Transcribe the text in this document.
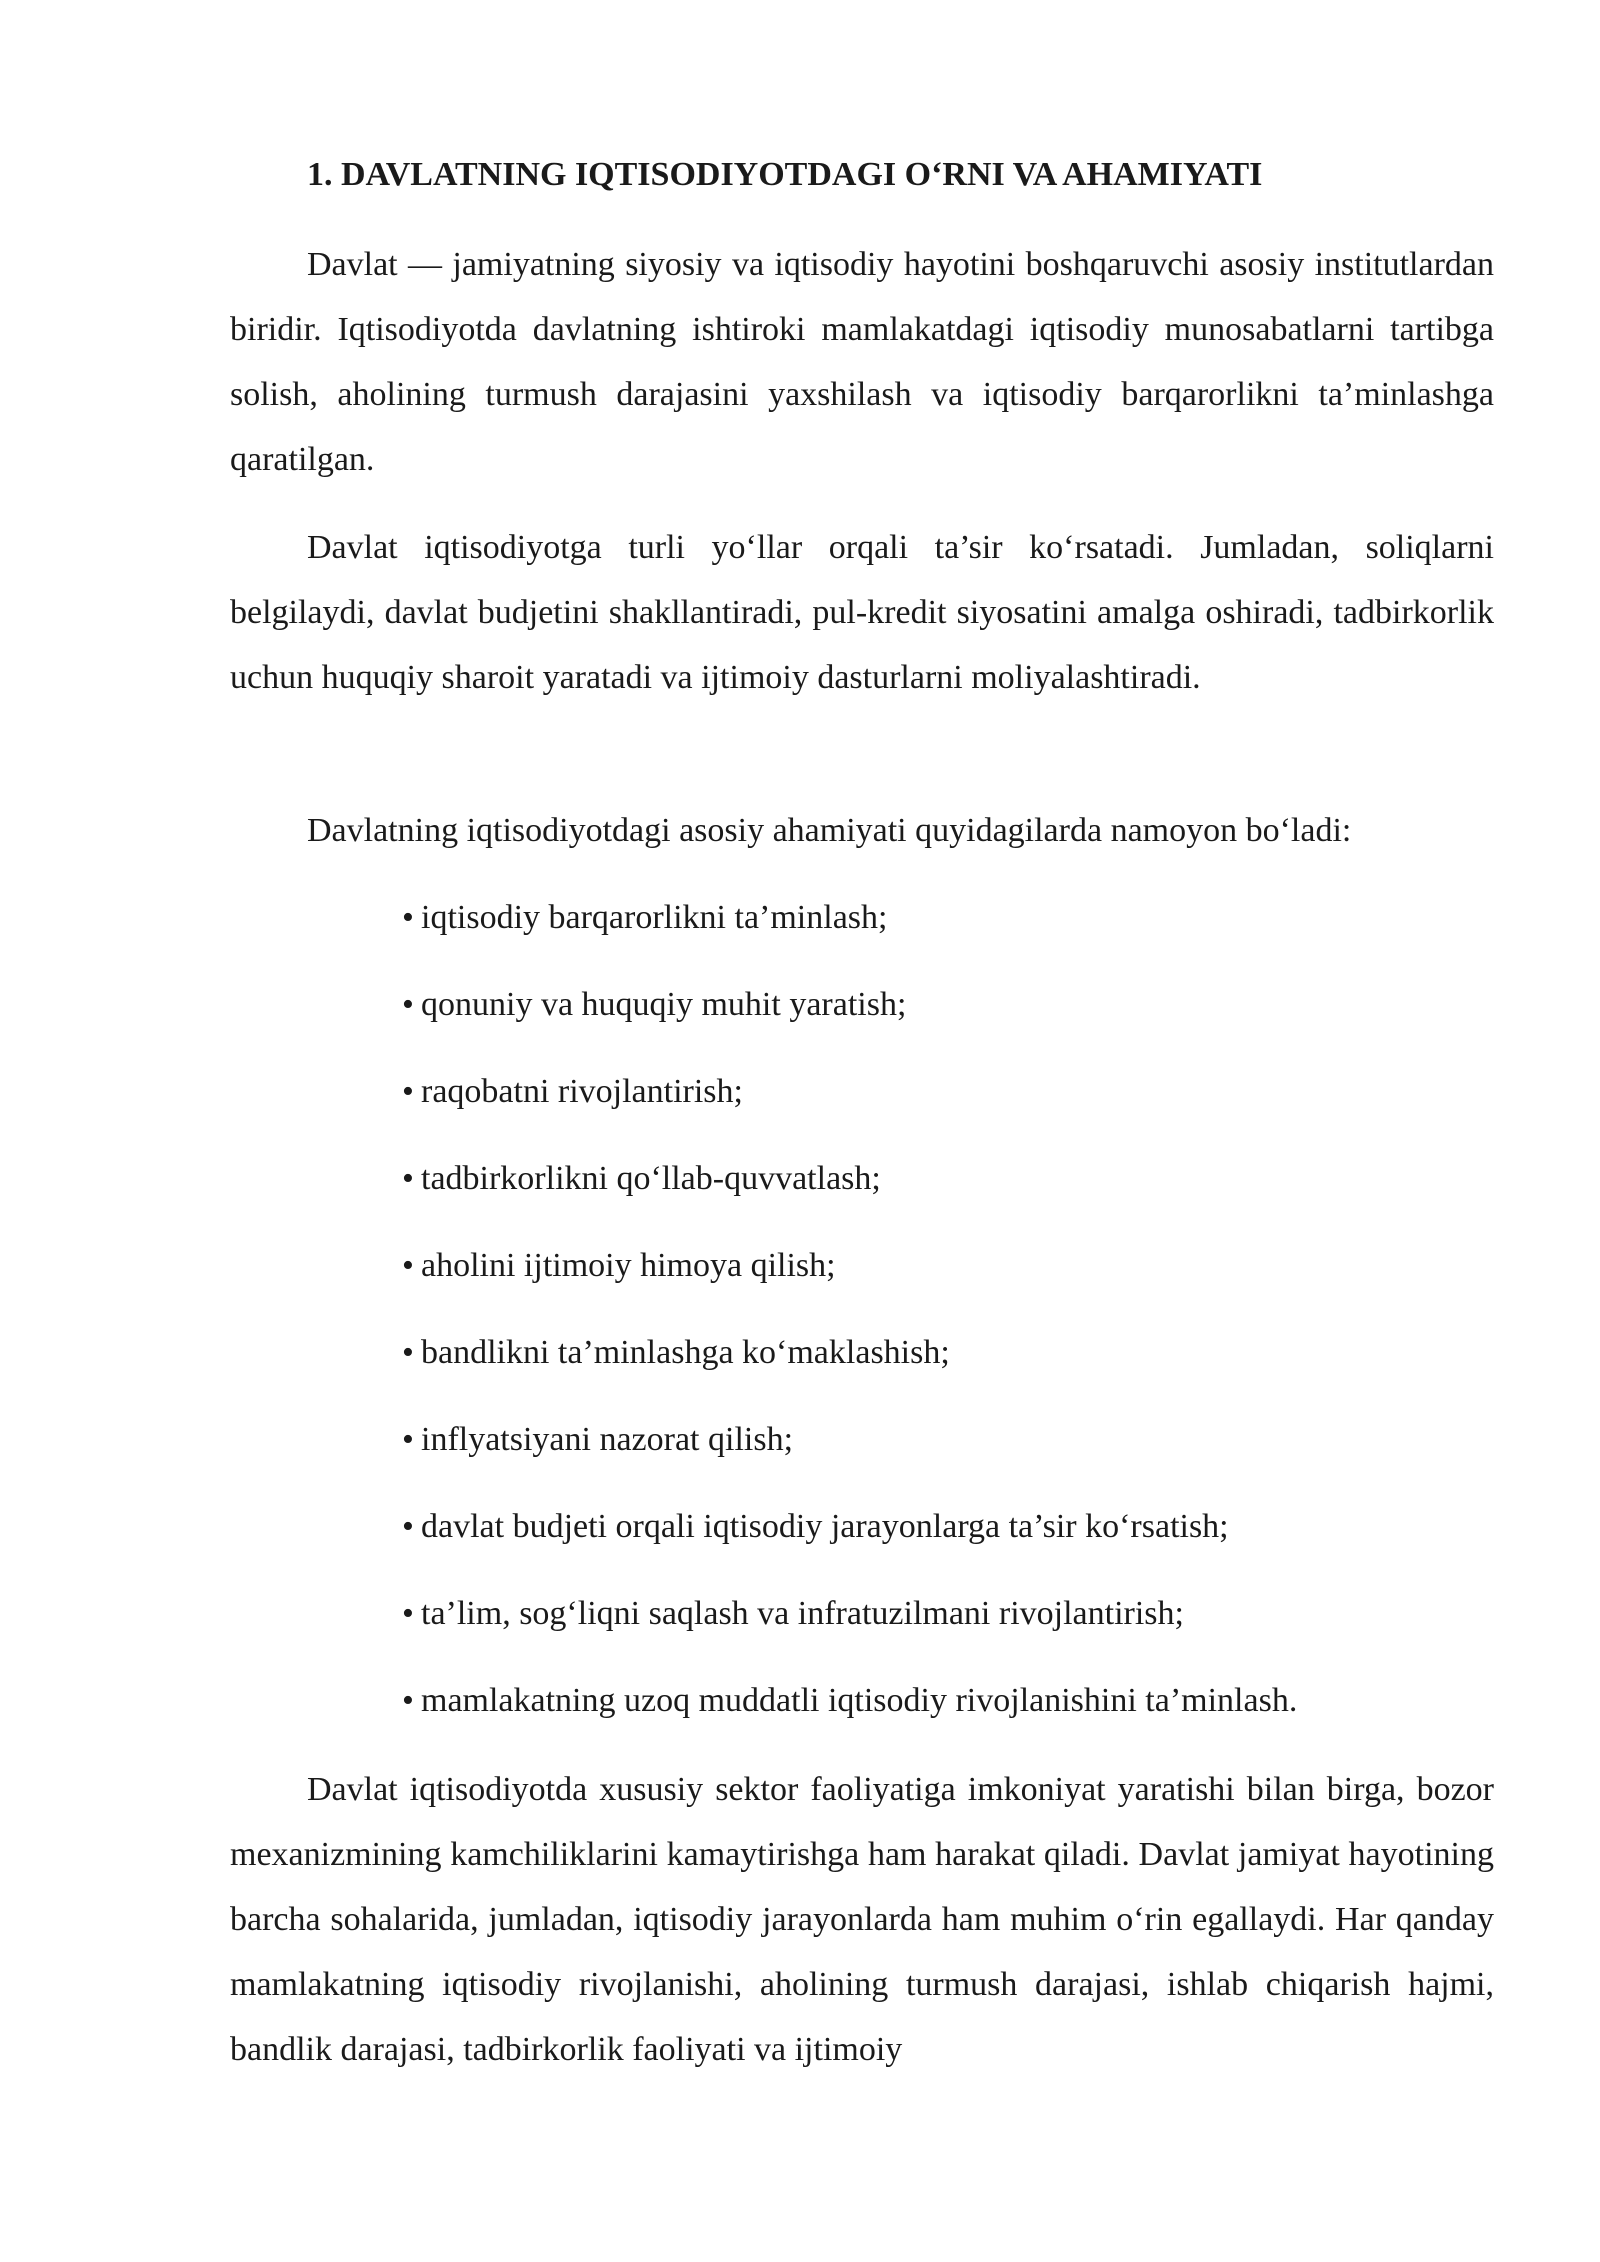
1. DAVLATNING IQTISODIYOTDAGI O‘RNI VA AHAMIYATI

Davlat — jamiyatning siyosiy va iqtisodiy hayotini boshqaruvchi asosiy institutlardan biridir. Iqtisodiyotda davlatning ishtiroki mamlakatdagi iqtisodiy munosabatlarni tartibga solish, aholining turmush darajasini yaxshilash va iqtisodiy barqarorlikni ta’minlashga qaratilgan.

Davlat iqtisodiyotga turli yo‘llar orqali ta’sir ko‘rsatadi. Jumladan, soliqlarni belgilaydi, davlat budjetini shakllantiradi, pul-kredit siyosatini amalga oshiradi, tadbirkorlik uchun huquqiy sharoit yaratadi va ijtimoiy dasturlarni moliyalashtiradi.

Davlatning iqtisodiyotdagi asosiy ahamiyati quyidagilarda namoyon bo‘ladi:

• iqtisodiy barqarorlikni ta’minlash;
• qonuniy va huquqiy muhit yaratish;
• raqobatni rivojlantirish;
• tadbirkorlikni qo‘llab-quvvatlash;
• aholini ijtimoiy himoya qilish;
• bandlikni ta’minlashga ko‘maklashish;
• inflyatsiyani nazorat qilish;
• davlat budjeti orqali iqtisodiy jarayonlarga ta’sir ko‘rsatish;
• ta’lim, sog‘liqni saqlash va infratuzilmani rivojlantirish;
• mamlakatning uzoq muddatli iqtisodiy rivojlanishini ta’minlash.

Davlat iqtisodiyotda xususiy sektor faoliyatiga imkoniyat yaratishi bilan birga, bozor mexanizmining kamchiliklarini kamaytirishga ham harakat qiladi. Davlat jamiyat hayotining barcha sohalarida, jumladan, iqtisodiy jarayonlarda ham muhim o‘rin egallaydi. Har qanday mamlakatning iqtisodiy rivojlanishi, aholining turmush darajasi, ishlab chiqarish hajmi, bandlik darajasi, tadbirkorlik faoliyati va ijtimoiy
